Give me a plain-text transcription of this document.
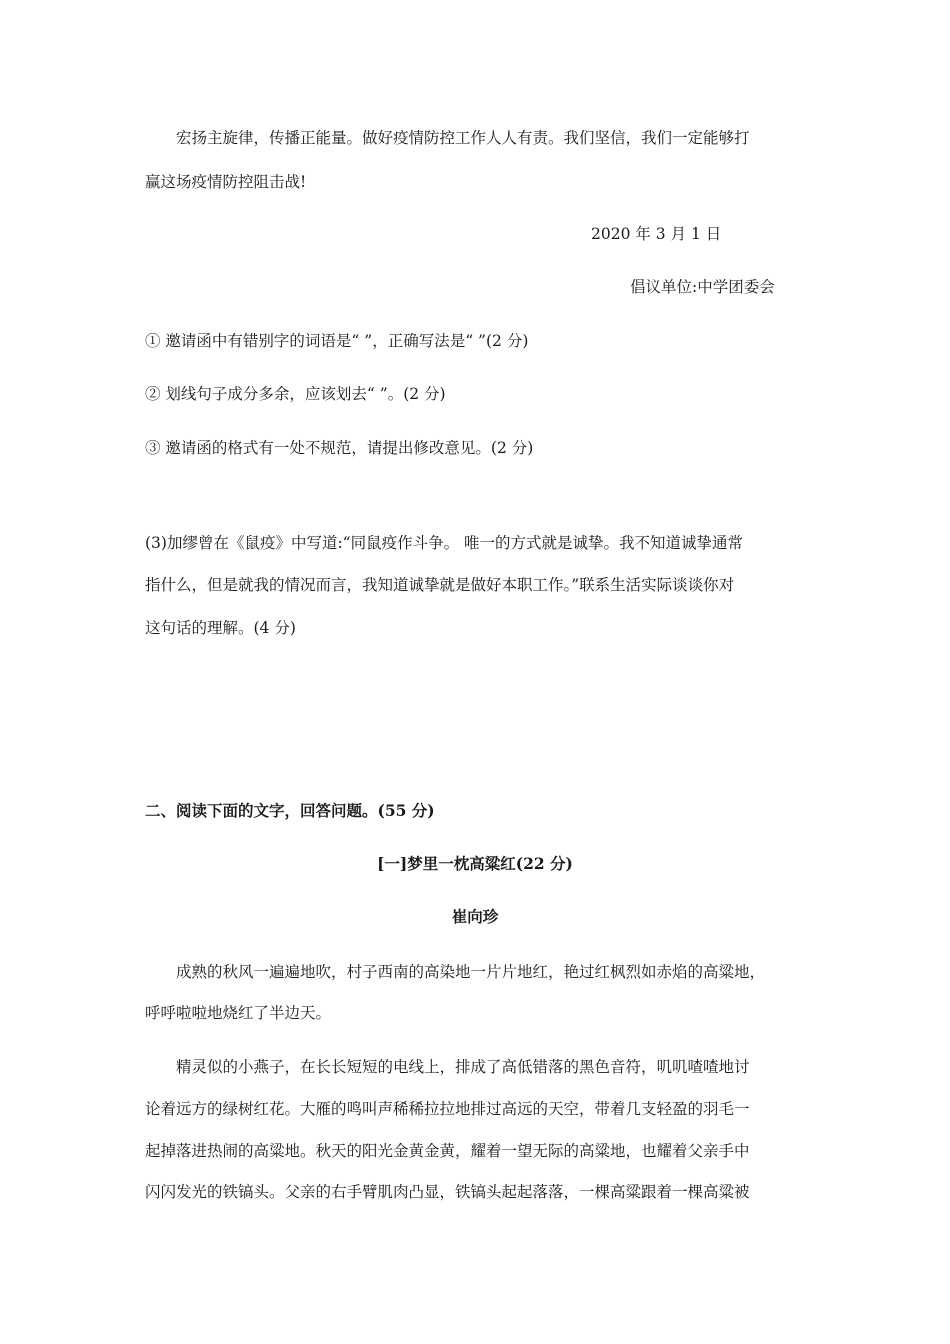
宏扬主旋律，传播正能量。做好疫情防控工作人人有责。我们坚信，我们一定能够打
赢这场疫情防控阻击战!
2020 年 3 月 1 日
倡议单位:中学团委会
① 邀请函中有错别字的词语是“ ”，正确写法是“ ”(2 分)
② 划线句子成分多余，应该划去“ ”。(2 分)
③ 邀请函的格式有一处不规范，请提出修改意见。(2 分)
(3)加缪曾在《鼠疫》中写道:“同鼠疫作斗争。 唯一的方式就是诚挚。我不知道诚挚通常
指什么，但是就我的情况而言，我知道诚挚就是做好本职工作。”联系生活实际谈谈你对
这句话的理解。(4 分)
二、阅读下面的文字，回答问题。(55 分)
[一]梦里一枕高粱红(22 分)
崔向珍
成熟的秋风一遍遍地吹，村子西南的高染地一片片地红，艳过红枫烈如赤焰的高粱地，
呼呼啦啦地烧红了半边天。
精灵似的小燕子，在长长短短的电线上，排成了高低错落的黑色音符，叽叽喳喳地讨
论着远方的绿树红花。大雁的鸣叫声稀稀拉拉地排过高远的天空，带着几支轻盈的羽毛一
起掉落进热闹的高粱地。秋天的阳光金黄金黄，耀着一望无际的高粱地，也耀着父亲手中
闪闪发光的铁镐头。父亲的右手臂肌肉凸显，铁镐头起起落落，一棵高粱跟着一棵高粱被
